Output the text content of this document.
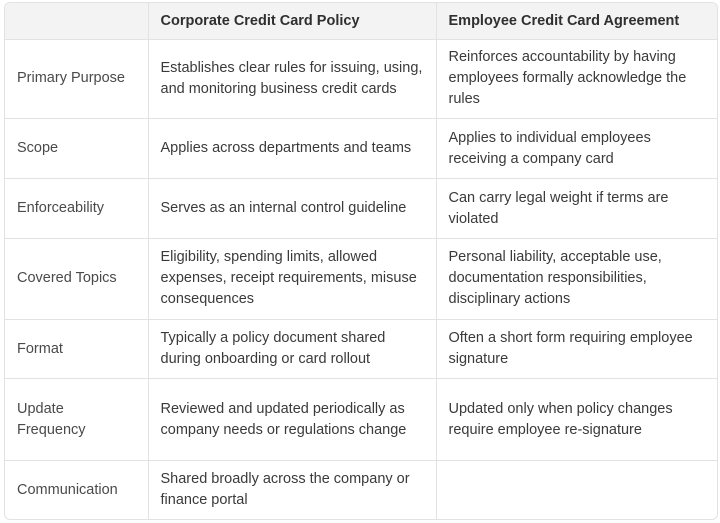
	Corporate Credit Card Policy	Employee Credit Card Agreement
Primary Purpose	Establishes clear rules for issuing, using, and monitoring business credit cards	Reinforces accountability by having employees formally acknowledge the rules
Scope	Applies across departments and teams	Applies to individual employees receiving a company card
Enforceability	Serves as an internal control guideline	Can carry legal weight if terms are violated
Covered Topics	Eligibility, spending limits, allowed expenses, receipt requirements, misuse consequences	Personal liability, acceptable use, documentation responsibilities, disciplinary actions
Format	Typically a policy document shared during onboarding or card rollout	Often a short form requiring employee signature
Update Frequency	Reviewed and updated periodically as company needs or regulations change	Updated only when policy changes require employee re-signature
Communication	Shared broadly across the company or finance portal	
